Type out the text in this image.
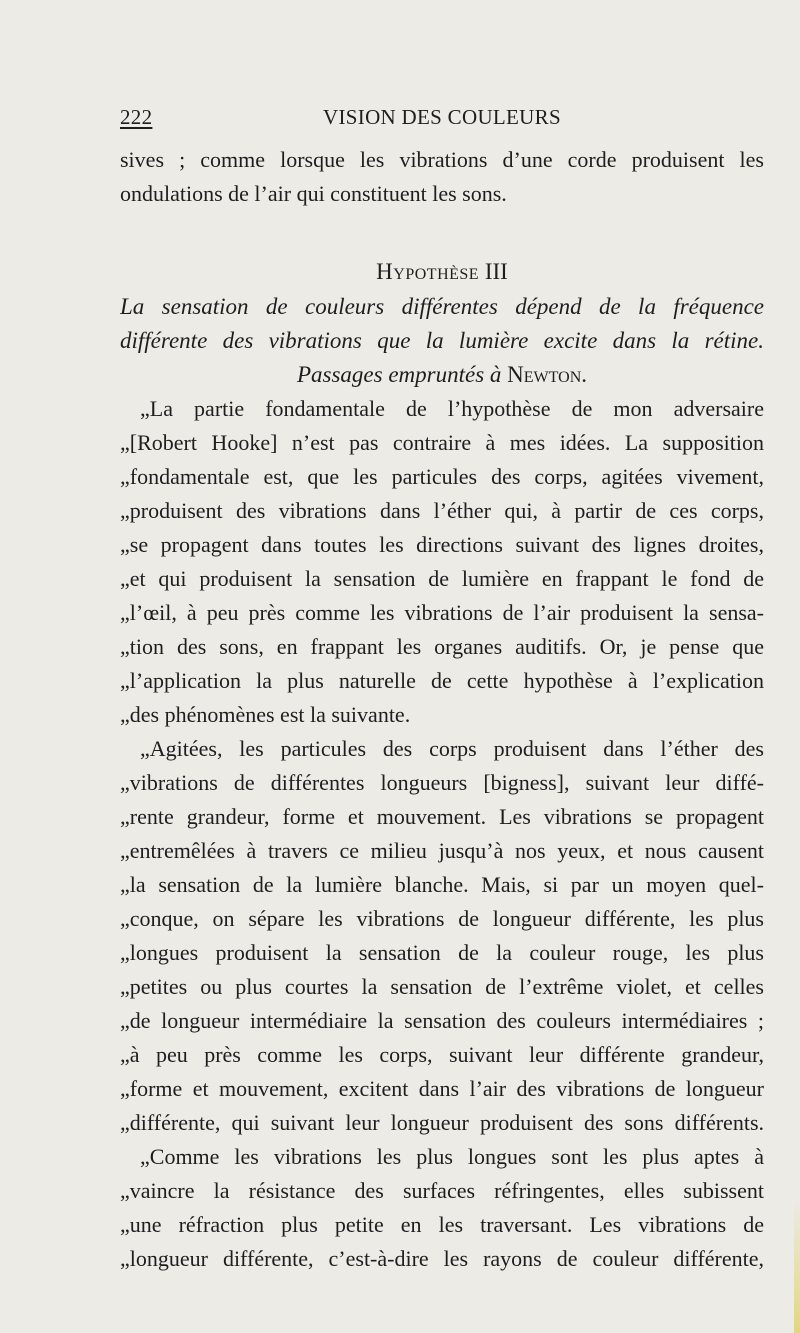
222	VISION DES COULEURS
sives ; comme lorsque les vibrations d’une corde produisent les
ondulations de l’air qui constituent les sons.
Hypothèse III
La sensation de couleurs différentes dépend de la fréquence
différente des vibrations que la lumière excite dans la rétine.
Passages empruntés à Newton.
„La partie fondamentale de l’hypothèse de mon adversaire
„[Robert Hooke] n’est pas contraire à mes idées. La supposition
„fondamentale est, que les particules des corps, agitées vivement,
„produisent des vibrations dans l’éther qui, à partir de ces corps,
„se propagent dans toutes les directions suivant des lignes droites,
„et qui produisent la sensation de lumière en frappant le fond de
„l’œil, à peu près comme les vibrations de l’air produisent la sensa-
„tion des sons, en frappant les organes auditifs. Or, je pense que
„l’application la plus naturelle de cette hypothèse à l’explication
„des phénomènes est la suivante.
„Agitées, les particules des corps produisent dans l’éther des
„vibrations de différentes longueurs [bigness], suivant leur diffé-
„rente grandeur, forme et mouvement. Les vibrations se propagent
„entremêlées à travers ce milieu jusqu’à nos yeux, et nous causent
„la sensation de la lumière blanche. Mais, si par un moyen quel-
„conque, on sépare les vibrations de longueur différente, les plus
„longues produisent la sensation de la couleur rouge, les plus
„petites ou plus courtes la sensation de l’extrême violet, et celles
„de longueur intermédiaire la sensation des couleurs intermédiaires ;
„à peu près comme les corps, suivant leur différente grandeur,
„forme et mouvement, excitent dans l’air des vibrations de longueur
„différente, qui suivant leur longueur produisent des sons différents.
„Comme les vibrations les plus longues sont les plus aptes à
„vaincre la résistance des surfaces réfringentes, elles subissent
„une réfraction plus petite en les traversant. Les vibrations de
„longueur différente, c’est-à-dire les rayons de couleur différente,
